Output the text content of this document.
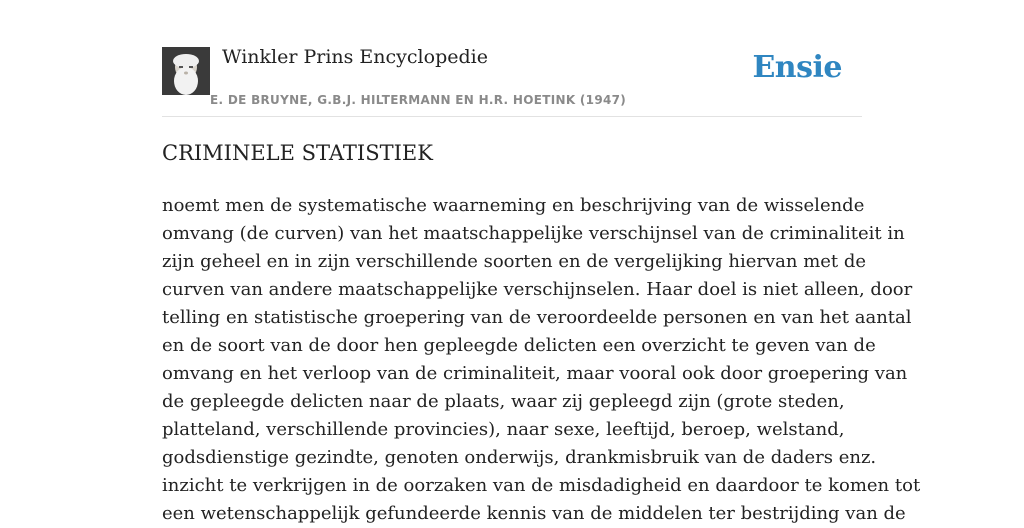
Winkler Prins Encyclopedie
E. DE BRUYNE, G.B.J. HILTERMANN EN H.R. HOETINK (1947)
Ensie
CRIMINELE STATISTIEK
noemt men de systematische waarneming en beschrijving van de wisselende
omvang (de curven) van het maatschappelijke verschijnsel van de criminaliteit in
zijn geheel en in zijn verschillende soorten en de vergelijking hiervan met de
curven van andere maatschappelijke verschijnselen. Haar doel is niet alleen, door
telling en statistische groepering van de veroordeelde personen en van het aantal
en de soort van de door hen gepleegde delicten een overzicht te geven van de
omvang en het verloop van de criminaliteit, maar vooral ook door groepering van
de gepleegde delicten naar de plaats, waar zij gepleegd zijn (grote steden,
platteland, verschillende provincies), naar sexe, leeftijd, beroep, welstand,
godsdienstige gezindte, genoten onderwijs, drankmisbruik van de daders enz.
inzicht te verkrijgen in de oorzaken van de misdadigheid en daardoor te komen tot
een wetenschappelijk gefundeerde kennis van de middelen ter bestrijding van de
